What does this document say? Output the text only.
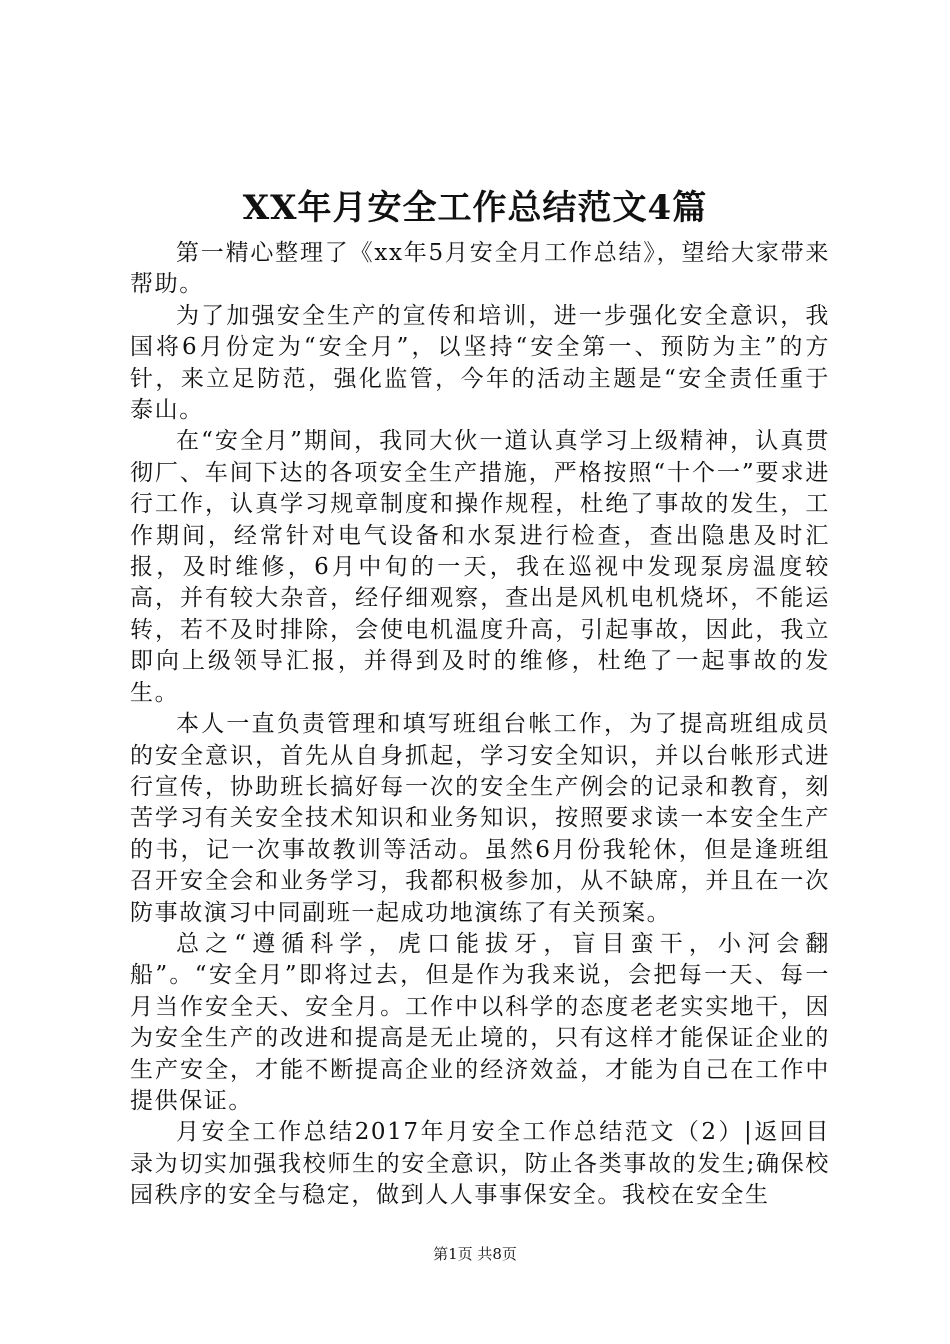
XX年月安全工作总结范文4篇

第一精心整理了《xx年5月安全月工作总结》，望给大家带来帮助。

为了加强安全生产的宣传和培训，进一步强化安全意识，我国将6月份定为“安全月”，以坚持“安全第一、预防为主”的方针，来立足防范，强化监管，今年的活动主题是“安全责任重于泰山。

在“安全月”期间，我同大伙一道认真学习上级精神，认真贯彻厂、车间下达的各项安全生产措施，严格按照“十个一”要求进行工作，认真学习规章制度和操作规程，杜绝了事故的发生，工作期间，经常针对电气设备和水泵进行检查，查出隐患及时汇报，及时维修，6月中旬的一天，我在巡视中发现泵房温度较高，并有较大杂音，经仔细观察，查出是风机电机烧坏，不能运转，若不及时排除，会使电机温度升高，引起事故，因此，我立即向上级领导汇报，并得到及时的维修，杜绝了一起事故的发生。

本人一直负责管理和填写班组台帐工作，为了提高班组成员的安全意识，首先从自身抓起，学习安全知识，并以台帐形式进行宣传，协助班长搞好每一次的安全生产例会的记录和教育，刻苦学习有关安全技术知识和业务知识，按照要求读一本安全生产的书，记一次事故教训等活动。虽然6月份我轮休，但是逢班组召开安全会和业务学习，我都积极参加，从不缺席，并且在一次防事故演习中同副班一起成功地演练了有关预案。

总之“遵循科学，虎口能拔牙，盲目蛮干，小河会翻船”。“安全月”即将过去，但是作为我来说，会把每一天、每一月当作安全天、安全月。工作中以科学的态度老老实实地干，因为安全生产的改进和提高是无止境的，只有这样才能保证企业的生产安全，才能不断提高企业的经济效益，才能为自己在工作中提供保证。

月安全工作总结2017年月安全工作总结范文（2）|返回目录为切实加强我校师生的安全意识，防止各类事故的发生;确保校园秩序的安全与稳定，做到人人事事保安全。我校在安全生

第1页 共8页
